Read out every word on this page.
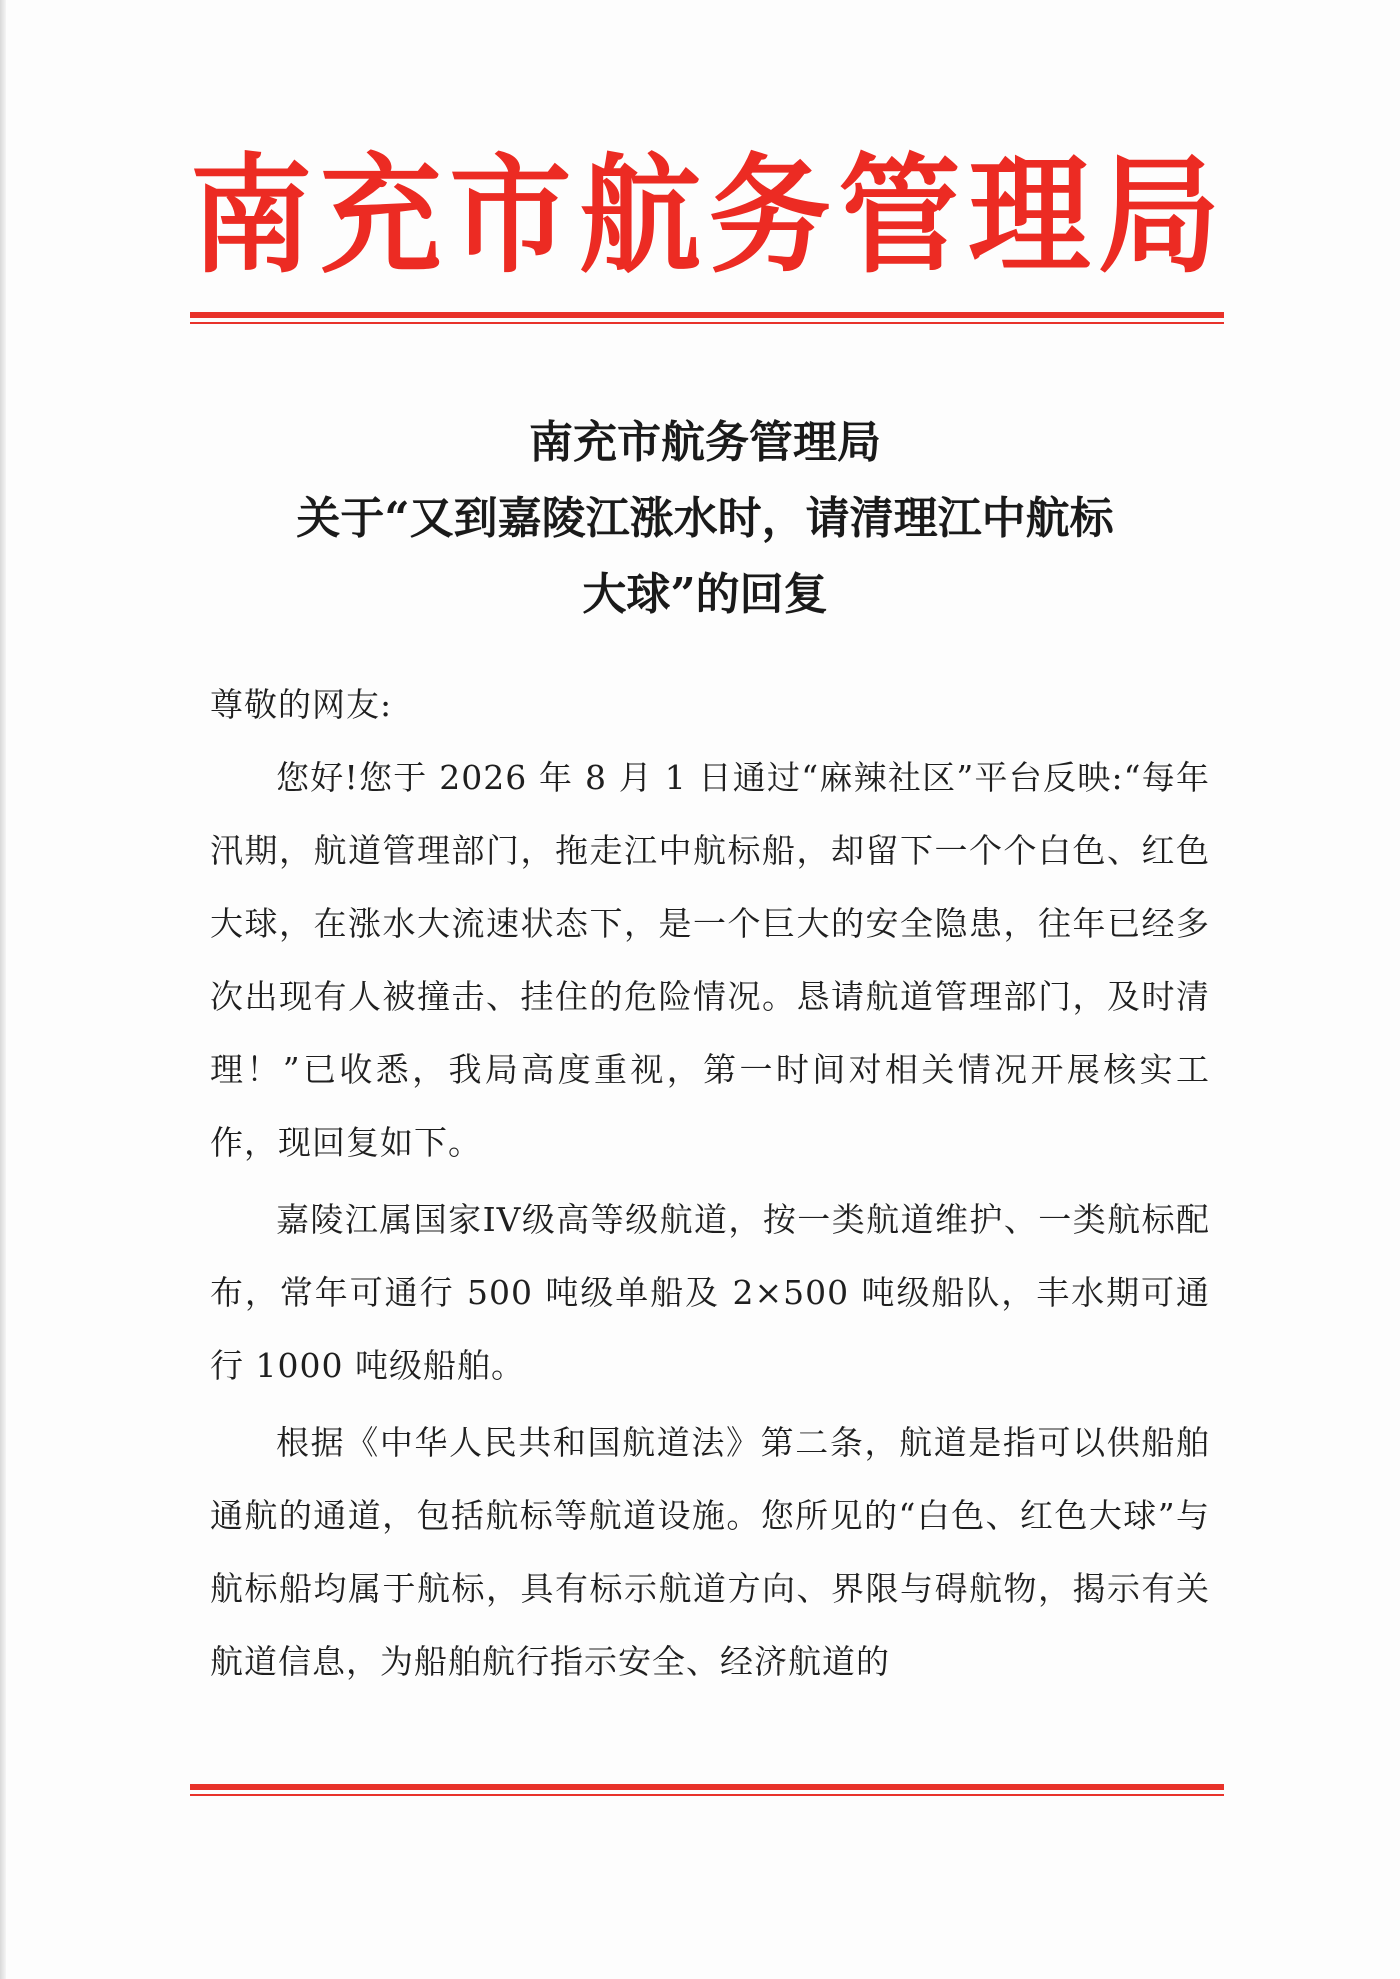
南 充 市 航 务 管 理 局
南充市航务管理局
关于“又到嘉陵江涨水时，请清理江中航标
大球”的回复

尊敬的网友:

您好!您于 2026 年 8 月 1 日通过“麻辣社区”平台反映:“每年汛期，航道管理部门，拖走江中航标船，却留下一个个白色、红色大球，在涨水大流速状态下，是一个巨大的安全隐患，往年已经多次出现有人被撞击、挂住的危险情况。恳请航道管理部门，及时清理！”已收悉，我局高度重视，第一时间对相关情况开展核实工作，现回复如下。

嘉陵江属国家IV级高等级航道，按一类航道维护、一类航标配布，常年可通行 500 吨级单船及 2×500 吨级船队，丰水期可通行 1000 吨级船舶。

根据《中华人民共和国航道法》第二条，航道是指可以供船舶通航的通道，包括航标等航道设施。您所见的“白色、红色大球”与航标船均属于航标，具有标示航道方向、界限与碍航物，揭示有关航道信息，为船舶航行指示安全、经济航道的
